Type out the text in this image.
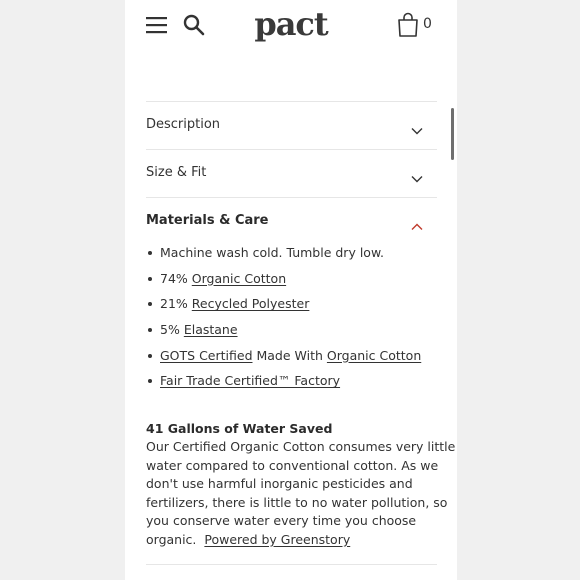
pact	0
Description
Size & Fit
Materials & Care
Machine wash cold. Tumble dry low.
74% Organic Cotton
21% Recycled Polyester
5% Elastane
GOTS Certified Made With Organic Cotton
Fair Trade Certified™ Factory
41 Gallons of Water Saved
Our Certified Organic Cotton consumes very little
water compared to conventional cotton. As we
don't use harmful inorganic pesticides and
fertilizers, there is little to no water pollution, so
you conserve water every time you choose
organic. Powered by Greenstory
